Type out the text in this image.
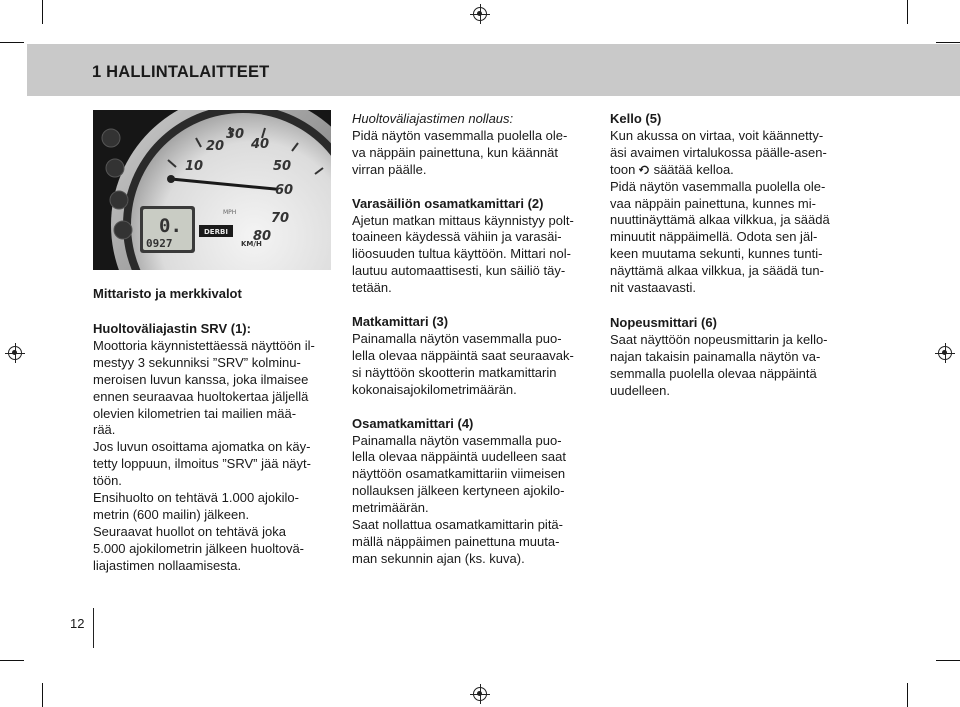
1 HALLINTALAITTEET
10
20
30
40
50
60
70
80
MPH
KM/H
0.
0927
DERBI
Mittaristo ja merkkivalot

Huoltoväliajastin SRV (1):

Moottoria käynnistettäessä näyttöön il-

mestyy 3 sekunniksi ”SRV” kolminu-

meroisen luvun kanssa, joka ilmaisee

ennen seuraavaa huoltokertaa jäljellä

olevien kilometrien tai mailien mää-

rää.

Jos luvun osoittama ajomatka on käy-

tetty loppuun, ilmoitus ”SRV” jää näyt-

töön.

Ensihuolto on tehtävä 1.000 ajokilo-

metrin (600 mailin) jälkeen.

Seuraavat huollot on tehtävä joka

5.000 ajokilometrin jälkeen huoltovä-

liajastimen nollaamisesta.

Huoltoväliajastimen nollaus:

Pidä näytön vasemmalla puolella ole-

va näppäin painettuna, kun käännät

virran päälle.

Varasäiliön osamatkamittari (2)

Ajetun matkan mittaus käynnistyy polt-

toaineen käydessä vähiin ja varasäi-

liöosuuden tultua käyttöön. Mittari nol-

lautuu automaattisesti, kun säiliö täy-

tetään.

Matkamittari (3)

Painamalla näytön vasemmalla puo-

lella olevaa näppäintä saat seuraavak-

si näyttöön skootterin matkamittarin

kokonaisajokilometrimäärän.

Osamatkamittari (4)

Painamalla näytön vasemmalla puo-

lella olevaa näppäintä uudelleen saat

näyttöön osamatkamittariin viimeisen

nollauksen jälkeen kertyneen ajokilo-

metrimäärän.

Saat nollattua osamatkamittarin pitä-

mällä näppäimen painettuna muuta-

man sekunnin ajan (ks. kuva).

Kello (5)

Kun akussa on virtaa, voit käännetty-

äsi avaimen virtalukossa päälle-asen-

toon säätää kelloa.

Pidä näytön vasemmalla puolella ole-

vaa näppäin painettuna, kunnes mi-

nuuttinäyttämä alkaa vilkkua, ja säädä

minuutit näppäimellä. Odota sen jäl-

keen muutama sekunti, kunnes tunti-

näyttämä alkaa vilkkua, ja säädä tun-

nit vastaavasti.

Nopeusmittari (6)

Saat näyttöön nopeusmittarin ja kello-

najan takaisin painamalla näytön va-

semmalla puolella olevaa näppäintä

uudelleen.

12
